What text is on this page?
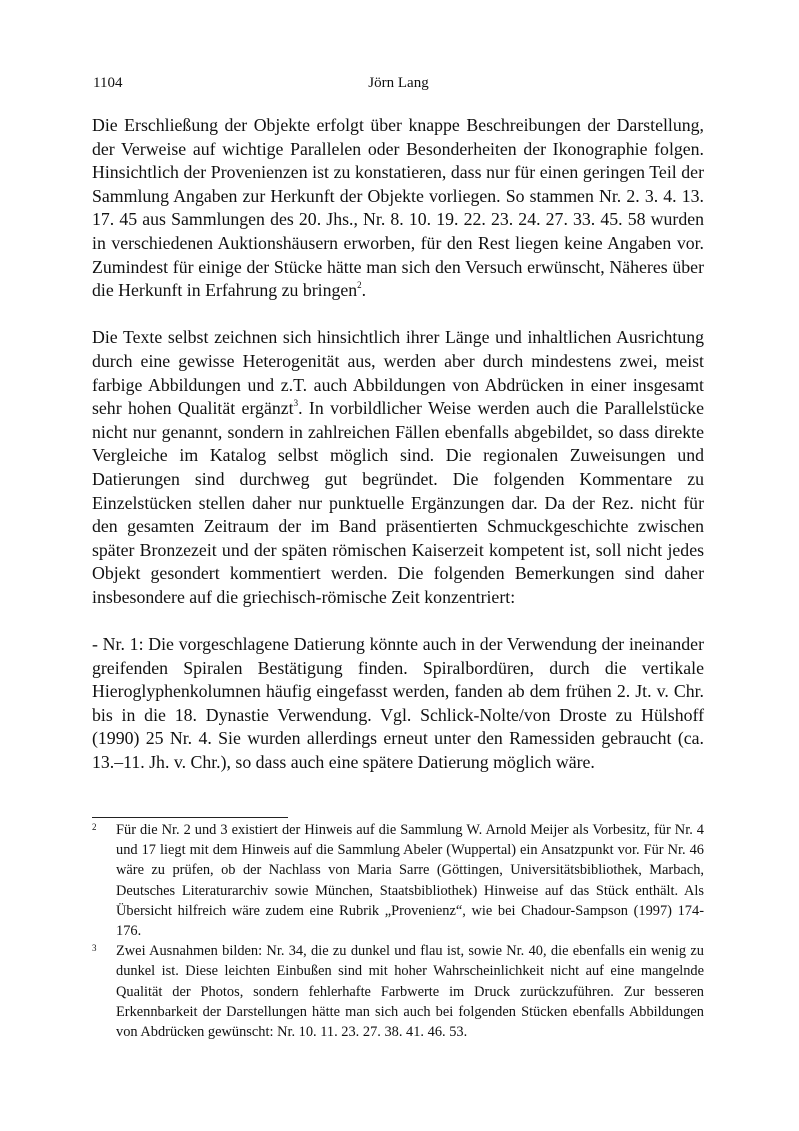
1104	Jörn Lang

Die Erschließung der Objekte erfolgt über knappe Beschreibungen der Darstellung, der Verweise auf wichtige Parallelen oder Besonderheiten der Ikonographie folgen. Hinsichtlich der Provenienzen ist zu konstatieren, dass nur für einen geringen Teil der Sammlung Angaben zur Herkunft der Objekte vorliegen. So stammen Nr. 2. 3. 4. 13. 17. 45 aus Sammlungen des 20. Jhs., Nr. 8. 10. 19. 22. 23. 24. 27. 33. 45. 58 wurden in verschiedenen Auktionshäusern erworben, für den Rest liegen keine Angaben vor. Zumindest für einige der Stücke hätte man sich den Versuch erwünscht, Näheres über die Herkunft in Erfahrung zu bringen$^2$.

Die Texte selbst zeichnen sich hinsichtlich ihrer Länge und inhaltlichen Ausrichtung durch eine gewisse Heterogenität aus, werden aber durch mindestens zwei, meist farbige Abbildungen und z.T. auch Abbildungen von Abdrücken in einer insgesamt sehr hohen Qualität ergänzt$^3$. In vorbildlicher Weise werden auch die Parallelstücke nicht nur genannt, sondern in zahlreichen Fällen ebenfalls abgebildet, so dass direkte Vergleiche im Katalog selbst möglich sind. Die regionalen Zuweisungen und Datierungen sind durchweg gut begründet. Die folgenden Kommentare zu Einzelstücken stellen daher nur punktuelle Ergänzungen dar. Da der Rez. nicht für den gesamten Zeitraum der im Band präsentierten Schmuckgeschichte zwischen später Bronzezeit und der späten römischen Kaiserzeit kompetent ist, soll nicht jedes Objekt gesondert kommentiert werden. Die folgenden Bemerkungen sind daher insbesondere auf die griechisch-römische Zeit konzentriert:

- Nr. 1: Die vorgeschlagene Datierung könnte auch in der Verwendung der ineinander greifenden Spiralen Bestätigung finden. Spiralbordüren, durch die vertikale Hieroglyphenkolumnen häufig eingefasst werden, fanden ab dem frühen 2. Jt. v. Chr. bis in die 18. Dynastie Verwendung. Vgl. Schlick-Nolte/von Droste zu Hülshoff (1990) 25 Nr. 4. Sie wurden allerdings erneut unter den Ramessiden gebraucht (ca. 13.–11. Jh. v. Chr.), so dass auch eine spätere Datierung möglich wäre.

2	Für die Nr. 2 und 3 existiert der Hinweis auf die Sammlung W. Arnold Meijer als Vorbesitz, für Nr. 4 und 17 liegt mit dem Hinweis auf die Sammlung Abeler (Wuppertal) ein Ansatzpunkt vor. Für Nr. 46 wäre zu prüfen, ob der Nachlass von Maria Sarre (Göttingen, Universitätsbibliothek, Marbach, Deutsches Literaturarchiv sowie München, Staatsbibliothek) Hinweise auf das Stück enthält. Als Übersicht hilfreich wäre zudem eine Rubrik „Provenienz“, wie bei Chadour-Sampson (1997) 174-176.
3	Zwei Ausnahmen bilden: Nr. 34, die zu dunkel und flau ist, sowie Nr. 40, die ebenfalls ein wenig zu dunkel ist. Diese leichten Einbußen sind mit hoher Wahrscheinlichkeit nicht auf eine mangelnde Qualität der Photos, sondern fehlerhafte Farbwerte im Druck zurückzuführen. Zur besseren Erkennbarkeit der Darstellungen hätte man sich auch bei folgenden Stücken ebenfalls Abbildungen von Abdrücken gewünscht: Nr. 10. 11. 23. 27. 38. 41. 46. 53.
